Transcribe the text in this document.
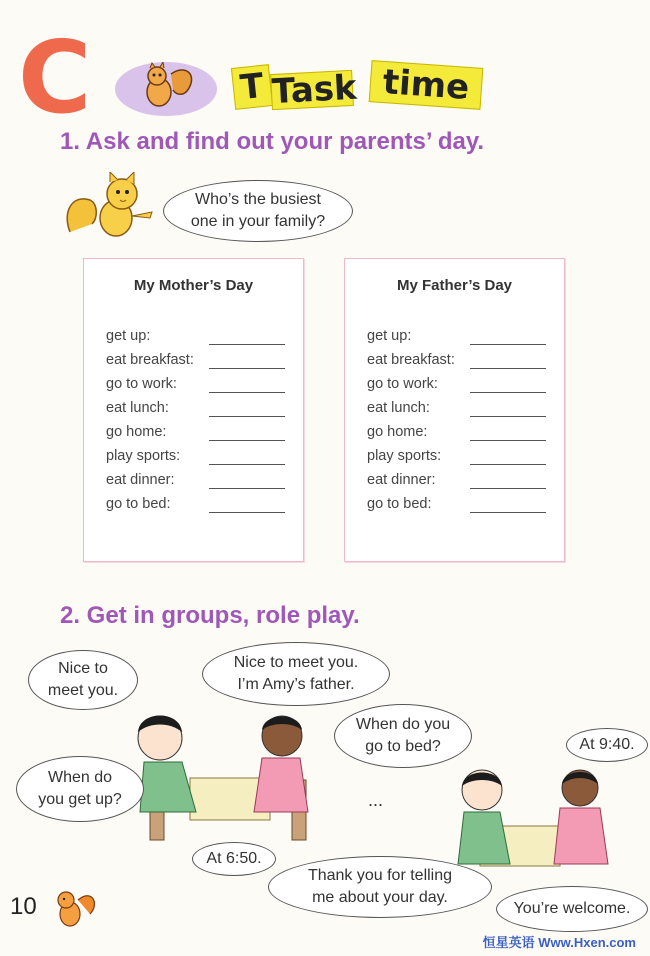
C	T Task time
1. Ask and find out your parents’ day.
Who’s the busiest
one in your family?
My Mother’s Day
get up:
eat breakfast:
go to work:
eat lunch:
go home:
play sports:
eat dinner:
go to bed:
My Father’s Day
get up:
eat breakfast:
go to work:
eat lunch:
go home:
play sports:
eat dinner:
go to bed:
2. Get in groups, role play.
Nice to
meet you.
Nice to meet you.
I’m Amy’s father.
When do
you get up?
At 6:50.
...
When do you
go to bed?	At 9:40.
Thank you for telling
me about your day.
You’re welcome.
10
恒星英语 Www.Hxen.com
